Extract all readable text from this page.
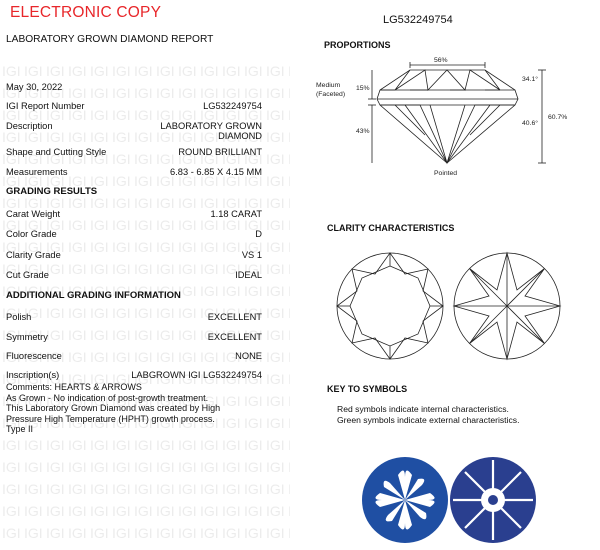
ELECTRONIC COPY	LG532249754
LABORATORY GROWN DIAMOND REPORT
May 30, 2022
IGI Report Number	LG532249754
Description	LABORATORY GROWN
DIAMOND
Shape and Cutting Style	ROUND BRILLIANT
Measurements	6.83 - 6.85 X 4.15 MM
GRADING RESULTS
Carat Weight	1.18 CARAT
Color Grade	D
Clarity Grade	VS 1
Cut Grade	IDEAL
ADDITIONAL GRADING INFORMATION
Polish	EXCELLENT
Symmetry	EXCELLENT
Fluorescence	NONE
Inscription(s)	LABGROWN IGI LG532249754
Comments: HEARTS & ARROWS
As Grown - No indication of post-growth treatment.
This Laboratory Grown Diamond was created by High
Pressure High Temperature (HPHT) growth process.
Type II
PROPORTIONS
56%
34.1°
15%
43%
40.6°
60.7%
Medium
(Faceted)
Pointed
CLARITY CHARACTERISTICS
KEY TO SYMBOLS
Red symbols indicate internal characteristics.
Green symbols indicate external characteristics.
